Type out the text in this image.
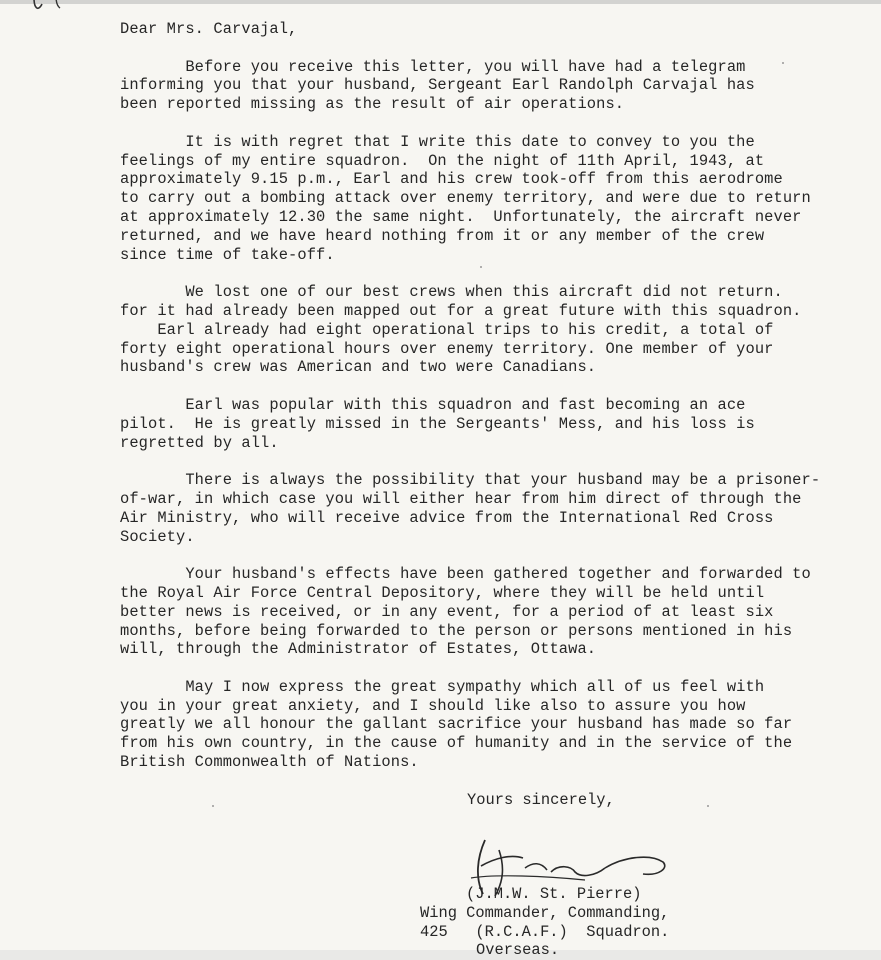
Dear Mrs. Carvajal,
Before you receive this letter, you will have had a telegram
informing you that your husband, Sergeant Earl Randolph Carvajal has
been reported missing as the result of air operations.
It is with regret that I write this date to convey to you the
feelings of my entire squadron.  On the night of 11th April, 1943, at
approximately 9.15 p.m., Earl and his crew took-off from this aerodrome
to carry out a bombing attack over enemy territory, and were due to return
at approximately 12.30 the same night.  Unfortunately, the aircraft never
returned, and we have heard nothing from it or any member of the crew
since time of take-off.
We lost one of our best crews when this aircraft did not return.
for it had already been mapped out for a great future with this squadron.
Earl already had eight operational trips to his credit, a total of
forty eight operational hours over enemy territory. One member of your
husband's crew was American and two were Canadians.
Earl was popular with this squadron and fast becoming an ace
pilot.  He is greatly missed in the Sergeants' Mess, and his loss is
regretted by all.
There is always the possibility that your husband may be a prisoner-
of-war, in which case you will either hear from him direct of through the
Air Ministry, who will receive advice from the International Red Cross
Society.
Your husband's effects have been gathered together and forwarded to
the Royal Air Force Central Depository, where they will be held until
better news is received, or in any event, for a period of at least six
months, before being forwarded to the person or persons mentioned in his
will, through the Administrator of Estates, Ottawa.
May I now express the great sympathy which all of us feel with
you in your great anxiety, and I should like also to assure you how
greatly we all honour the gallant sacrifice your husband has made so far
from his own country, in the cause of humanity and in the service of the
British Commonwealth of Nations.
Yours sincerely,
(J.M.W. St. Pierre)
Wing Commander, Commanding,
425   (R.C.A.F.)  Squadron.
Overseas.
